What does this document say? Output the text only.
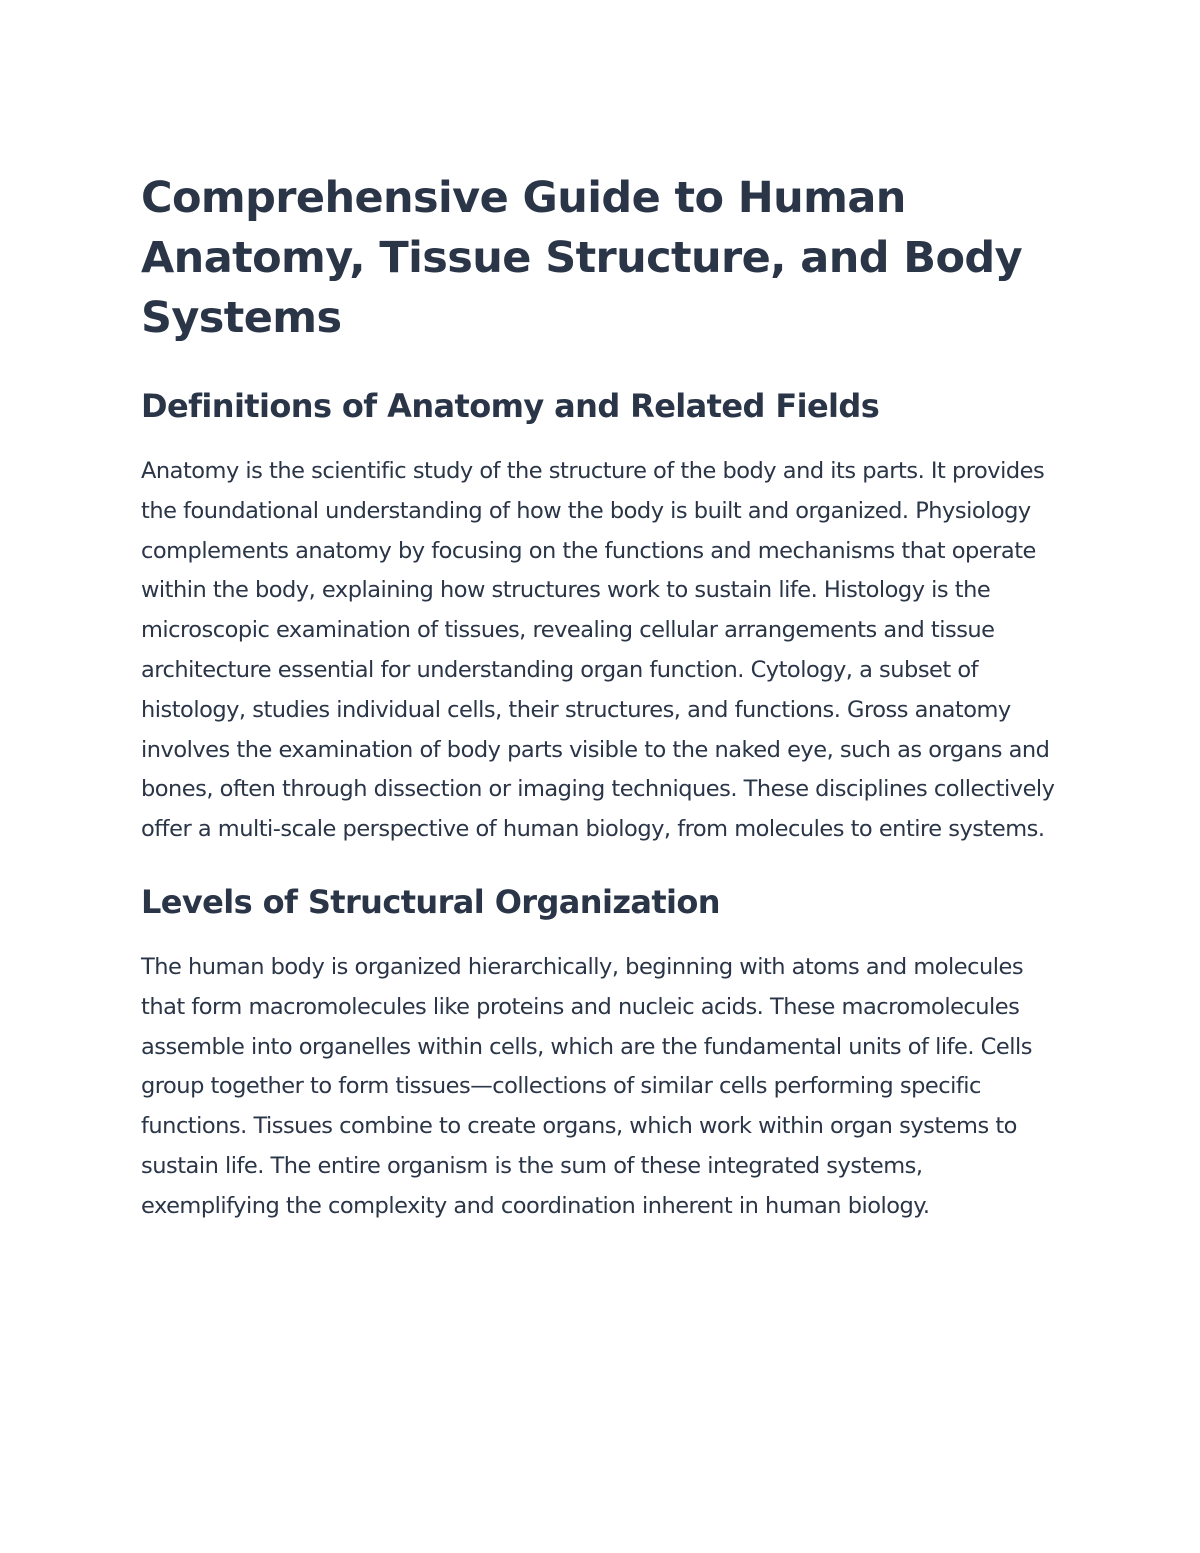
Comprehensive Guide to Human Anatomy, Tissue Structure, and Body Systems
Definitions of Anatomy and Related Fields

Anatomy is the scientific study of the structure of the body and its parts. It provides the foundational understanding of how the body is built and organized. Physiology complements anatomy by focusing on the functions and mechanisms that operate within the body, explaining how structures work to sustain life. Histology is the microscopic examination of tissues, revealing cellular arrangements and tissue architecture essential for understanding organ function. Cytology, a subset of histology, studies individual cells, their structures, and functions. Gross anatomy involves the examination of body parts visible to the naked eye, such as organs and bones, often through dissection or imaging techniques. These disciplines collectively offer a multi-scale perspective of human biology, from molecules to entire systems.

Levels of Structural Organization

The human body is organized hierarchically, beginning with atoms and molecules that form macromolecules like proteins and nucleic acids. These macromolecules assemble into organelles within cells, which are the fundamental units of life. Cells group together to form tissues—collections of similar cells performing specific functions. Tissues combine to create organs, which work within organ systems to sustain life. The entire organism is the sum of these integrated systems, exemplifying the complexity and coordination inherent in human biology.
